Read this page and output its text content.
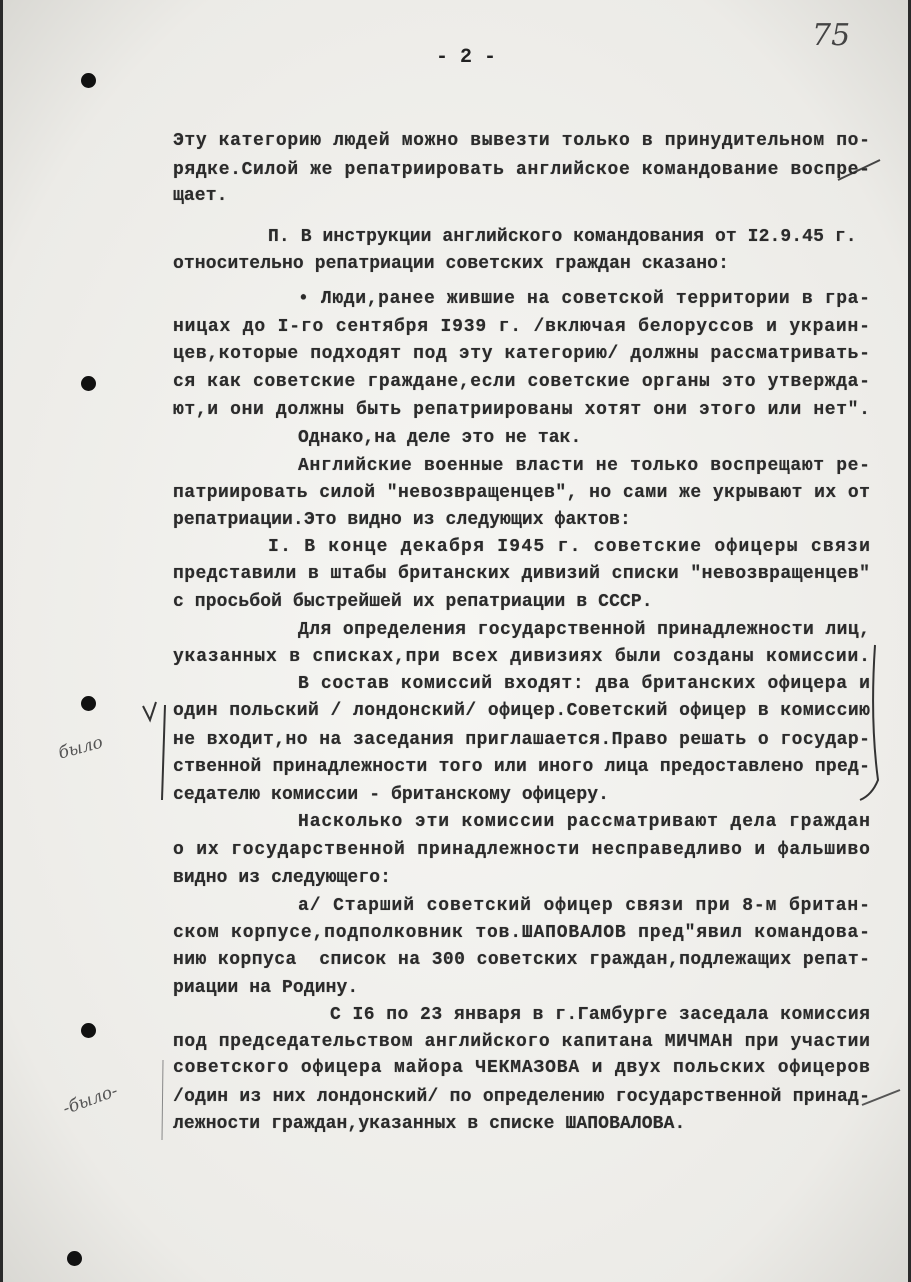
- 2 -
75
было
-было-
Эту категорию людей можно вывезти только в принудительном по-
рядке.Силой же репатриировать английское командование воспре-
щает.
П. В инструкции английского командования от I2.9.45 г.
относительно репатриации советских граждан сказано:
• Люди,ранее жившие на советской территории в гра-
ницах до I-го сентября I939 г. /включая белоруссов и украин-
цев,которые подходят под эту категорию/ должны рассматривать-
ся как советские граждане,если советские органы это утвержда-
ют,и они должны быть репатриированы хотят они этого или нет".
Однако,на деле это не так.
Английские военные власти не только воспрещают ре-
патриировать силой "невозвращенцев", но сами же укрывают их от
репатриации.Это видно из следующих фактов:
I. В конце декабря I945 г. советские офицеры связи
представили в штабы британских дивизий списки "невозвращенцев"
с просьбой быстрейшей их репатриации в СССР.
Для определения государственной принадлежности лиц,
указанных в списках,при всех дивизиях были созданы комиссии.
В состав комиссий входят: два британских офицера и
один польский / лондонский/ офицер.Советский офицер в комиссию
не входит,но на заседания приглашается.Право решать о государ-
ственной принадлежности того или иного лица предоставлено пред-
седателю комиссии - британскому офицеру.
Насколько эти комиссии рассматривают дела граждан
о их государственной принадлежности несправедливо и фальшиво
видно из следующего:
а/ Старший советский офицер связи при 8-м британ-
ском корпусе,подполковник тов.ШАПОВАЛОВ пред"явил командова-
нию корпуса  список на 300 советских граждан,подлежащих репат-
риации на Родину.
С I6 по 23 января в г.Гамбурге заседала комиссия
под председательством английского капитана МИЧМАН при участии
советского офицера майора ЧЕКМАЗОВА и двух польских офицеров
/один из них лондонский/ по определению государственной принад-
лежности граждан,указанных в списке ШАПОВАЛОВА.
